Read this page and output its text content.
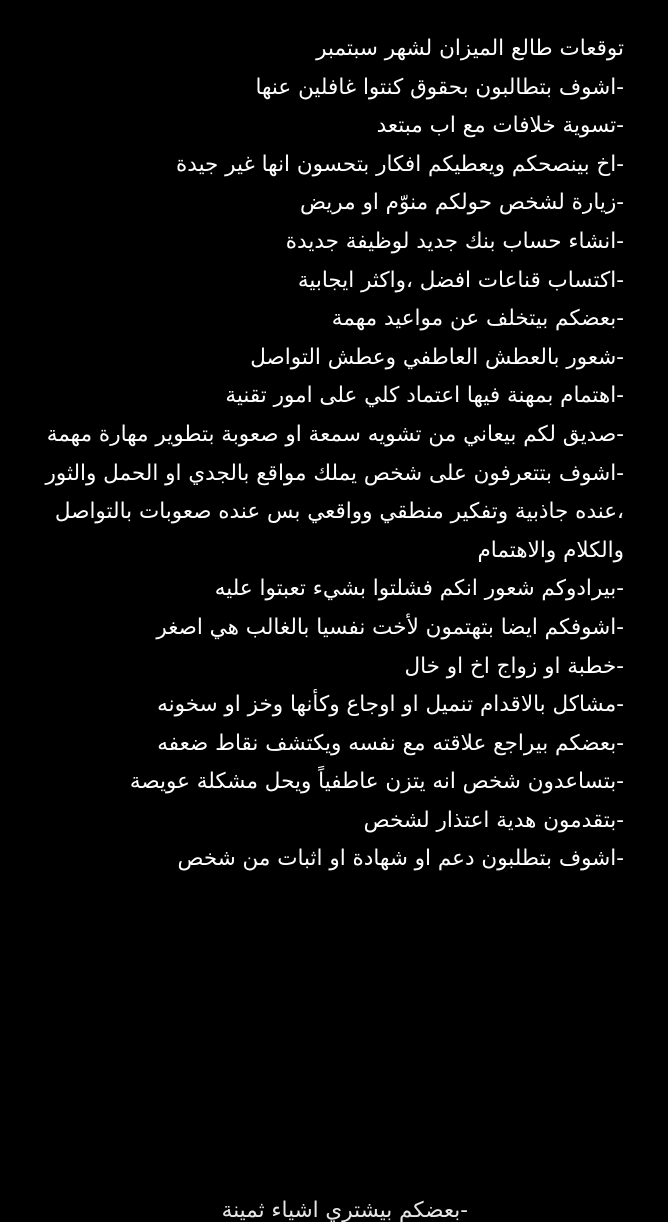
توقعات طالع الميزان لشهر سبتمبر

-اشوف بتطالبون بحقوق كنتوا غافلين عنها

-تسوية خلافات مع اب مبتعد

-اخ بينصحكم ويعطيكم افكار بتحسون انها غير جيدة

-زيارة لشخص حولكم منوّم او مريض

-انشاء حساب بنك جديد لوظيفة جديدة

-اكتساب قناعات افضل ،واكثر ايجابية

-بعضكم بيتخلف عن مواعيد مهمة

-شعور بالعطش العاطفي وعطش التواصل

-اهتمام بمهنة فيها اعتماد كلي على امور تقنية

-صديق لكم بيعاني من تشويه سمعة او صعوبة بتطوير مهارة مهمة

-اشوف بتتعرفون على شخص يملك مواقع بالجدي او الحمل والثور ،عنده جاذبية وتفكير منطقي وواقعي بس عنده صعوبات بالتواصل والكلام والاهتمام

-بيرادوكم شعور انكم فشلتوا بشيء تعبتوا عليه

-اشوفكم ايضا بتهتمون لأخت نفسيا بالغالب هي اصغر

-خطبة او زواج اخ او خال

-مشاكل بالاقدام تنميل او اوجاع وكأنها وخز او سخونه

-بعضكم بيراجع علاقته مع نفسه ويكتشف نقاط ضعفه

-بتساعدون شخص انه يتزن عاطفياً ويحل مشكلة عويصة

-بتقدمون هدية اعتذار لشخص

-اشوف بتطلبون دعم او شهادة او اثبات من شخص

-بعضكم بيشتري اشياء ثمينة
